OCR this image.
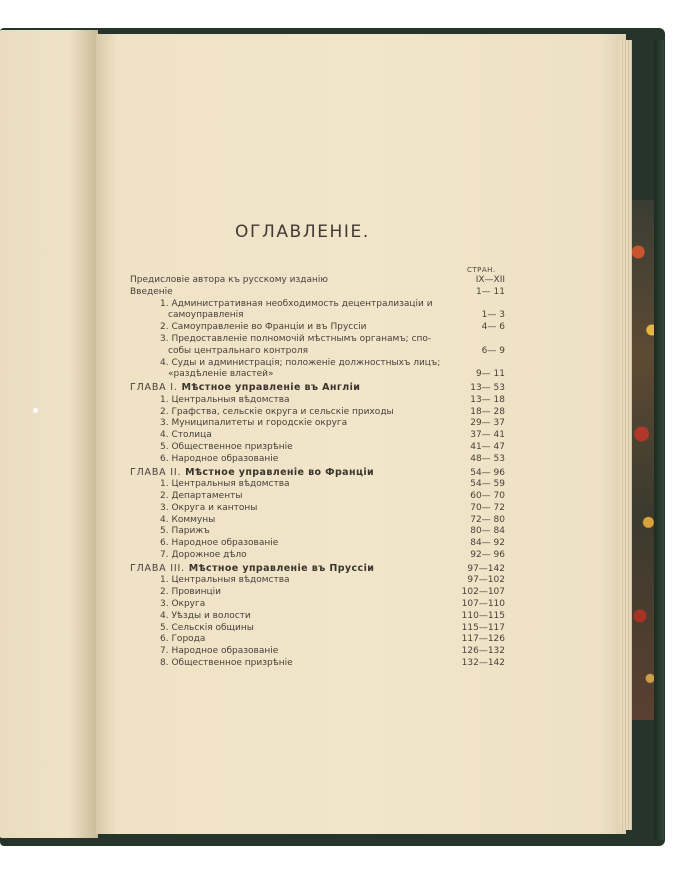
ОГЛАВЛЕНІЕ.
СТРАН.
Предисловіе автора къ русскому изданію	IX—XII
Введеніе	1— 11
1. Административная необходимость децентрализаціи и
самоуправленія	1— 3
2. Самоуправленіе во Франціи и въ Пруссіи	4— 6
3. Предоставленіе полномочій мѣстнымъ органамъ; спо-
собы центральнаго контроля	6— 9
4. Суды и администрація; положеніе должностныхъ лицъ;
«раздѣленіе властей»	9— 11
ГЛАВА I. Мѣстное управленіе въ Англіи	13— 53
1. Центральныя вѣдомства	13— 18
2. Графства, сельскіе округа и сельскіе приходы	18— 28
3. Муниципалитеты и городскіе округа	29— 37
4. Столица	37— 41
5. Общественное призрѣніе	41— 47
6. Народное образованіе	48— 53
ГЛАВА II. Мѣстное управленіе во Франціи	54— 96
1. Центральныя вѣдомства	54— 59
2. Департаменты	60— 70
3. Округа и кантоны	70— 72
4. Коммуны	72— 80
5. Парижъ	80— 84
6. Народное образованіе	84— 92
7. Дорожное дѣло	92— 96
ГЛАВА III. Мѣстное управленіе въ Пруссіи	97—142
1. Центральныя вѣдомства	97—102
2. Провинціи	102—107
3. Округа	107—110
4. Уѣзды и волости	110—115
5. Сельскія общины	115—117
6. Города	117—126
7. Народное образованіе	126—132
8. Общественное призрѣніе	132—142
